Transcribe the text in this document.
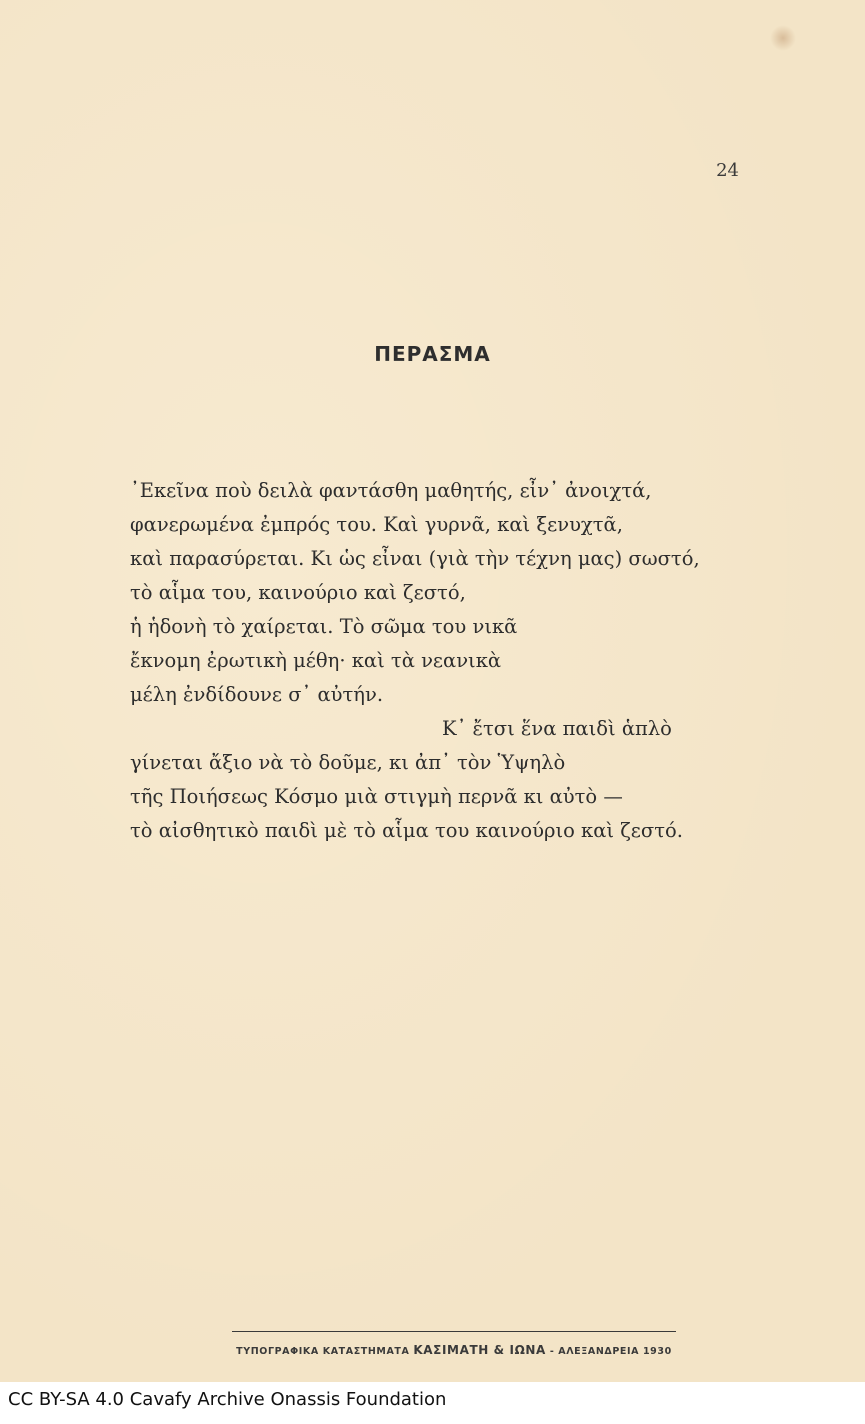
24
ΠΕΡΑΣΜΑ
᾿Εκεῖνα ποὺ δειλὰ φαντάσθη μαθητής, εἶν᾿ ἀνοιχτά,
φανερωμένα ἐμπρός του. Καὶ γυρνᾶ, καὶ ξενυχτᾶ,
καὶ παρασύρεται. Κι ὡς εἶναι (γιὰ τὴν τέχνη μας) σωστό,
τὸ αἷμα του, καινούριο καὶ ζεστό,
ἡ ἡδονὴ τὸ χαίρεται. Τὸ σῶμα του νικᾶ
ἔκνομη ἐρωτικὴ μέθη· καὶ τὰ νεανικὰ
μέλη ἐνδίδουνε σ᾿ αὐτήν.
Κ᾿ ἔτσι ἕνα παιδὶ ἁπλὸ
γίνεται ἄξιο νὰ τὸ δοῦμε, κι ἀπ᾿ τὸν Ὑψηλὸ
τῆς Ποιήσεως Κόσμο μιὰ στιγμὴ περνᾶ κι αὐτὸ —
τὸ αἰσθητικὸ παιδὶ μὲ τὸ αἷμα του καινούριο καὶ ζεστό.
ΤΥΠΟΓΡΑΦΙΚΑ ΚΑΤΑΣΤΗΜΑΤΑ ΚΑΣΙΜΑΤΗ & ΙΩΝΑ - ΑΛΕΞΑΝΔΡΕΙΑ 1930
CC BY-SA 4.0 Cavafy Archive Onassis Foundation
